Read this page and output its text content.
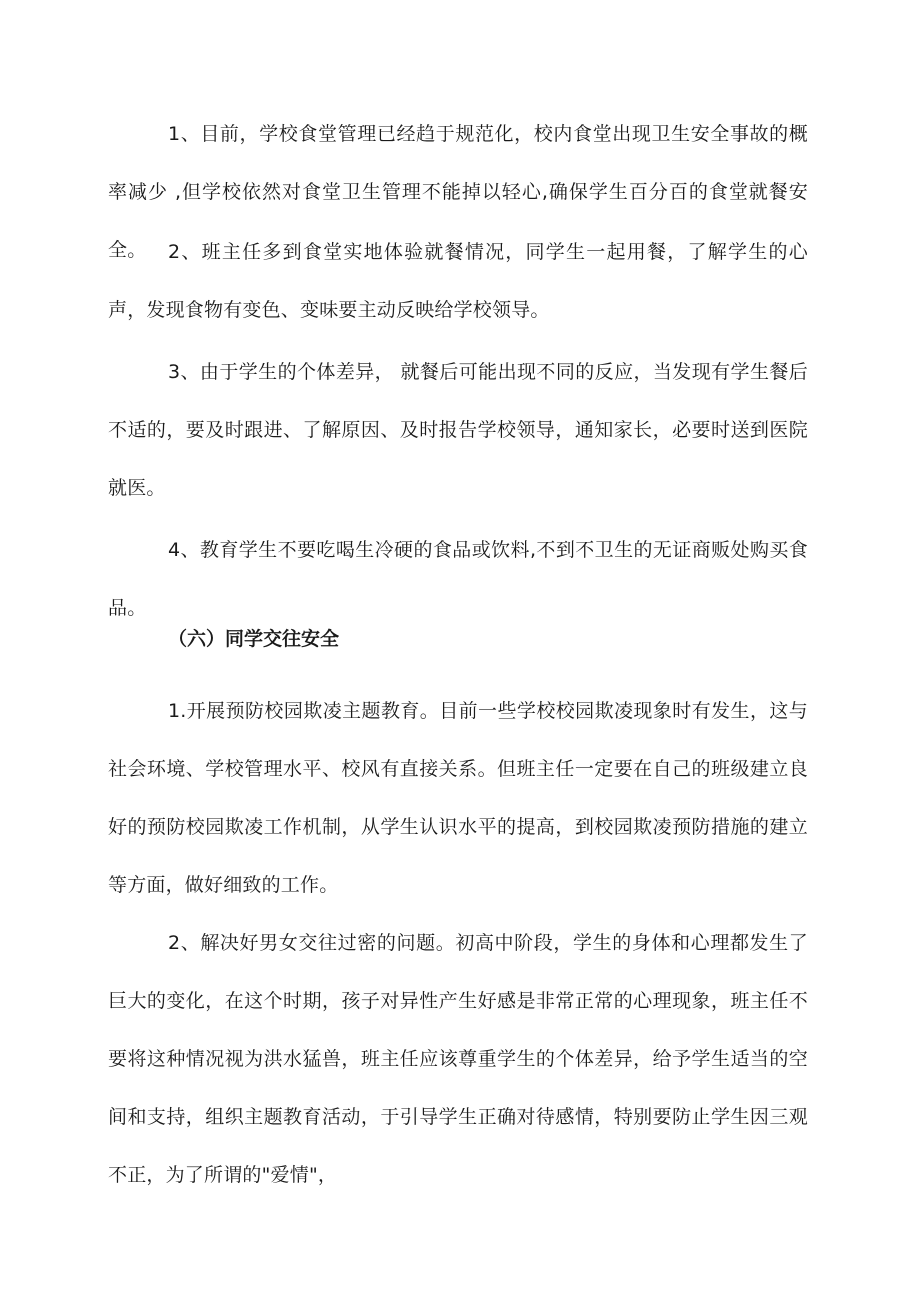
1、目前，学校食堂管理已经趋于规范化，校内食堂出现卫生安全事故的概率减少 ,但学校依然对食堂卫生管理不能掉以轻心,确保学生百分百的食堂就餐安全。	2、班主任多到食堂实地体验就餐情况，同学生一起用餐，了解学生的心声，发现食物有变色、变味要主动反映给学校领导。

3、由于学生的个体差异， 就餐后可能出现不同的反应，当发现有学生餐后不适的，要及时跟进、了解原因、及时报告学校领导，通知家长，必要时送到医院就医。

4、教育学生不要吃喝生冷硬的食品或饮料,不到不卫生的无证商贩处购买食品。

（六）同学交往安全

1.开展预防校园欺凌主题教育。目前一些学校校园欺凌现象时有发生，这与社会环境、学校管理水平、校风有直接关系。但班主任一定要在自己的班级建立良好的预防校园欺凌工作机制，从学生认识水平的提高，到校园欺凌预防措施的建立等方面，做好细致的工作。

2、解决好男女交往过密的问题。初高中阶段，学生的身体和心理都发生了巨大的变化，在这个时期，孩子对异性产生好感是非常正常的心理现象，班主任不要将这种情况视为洪水猛兽，班主任应该尊重学生的个体差异，给予学生适当的空间和支持，组织主题教育活动，于引导学生正确对待感情，特别要防止学生因三观不正，为了所谓的"爱情"，
